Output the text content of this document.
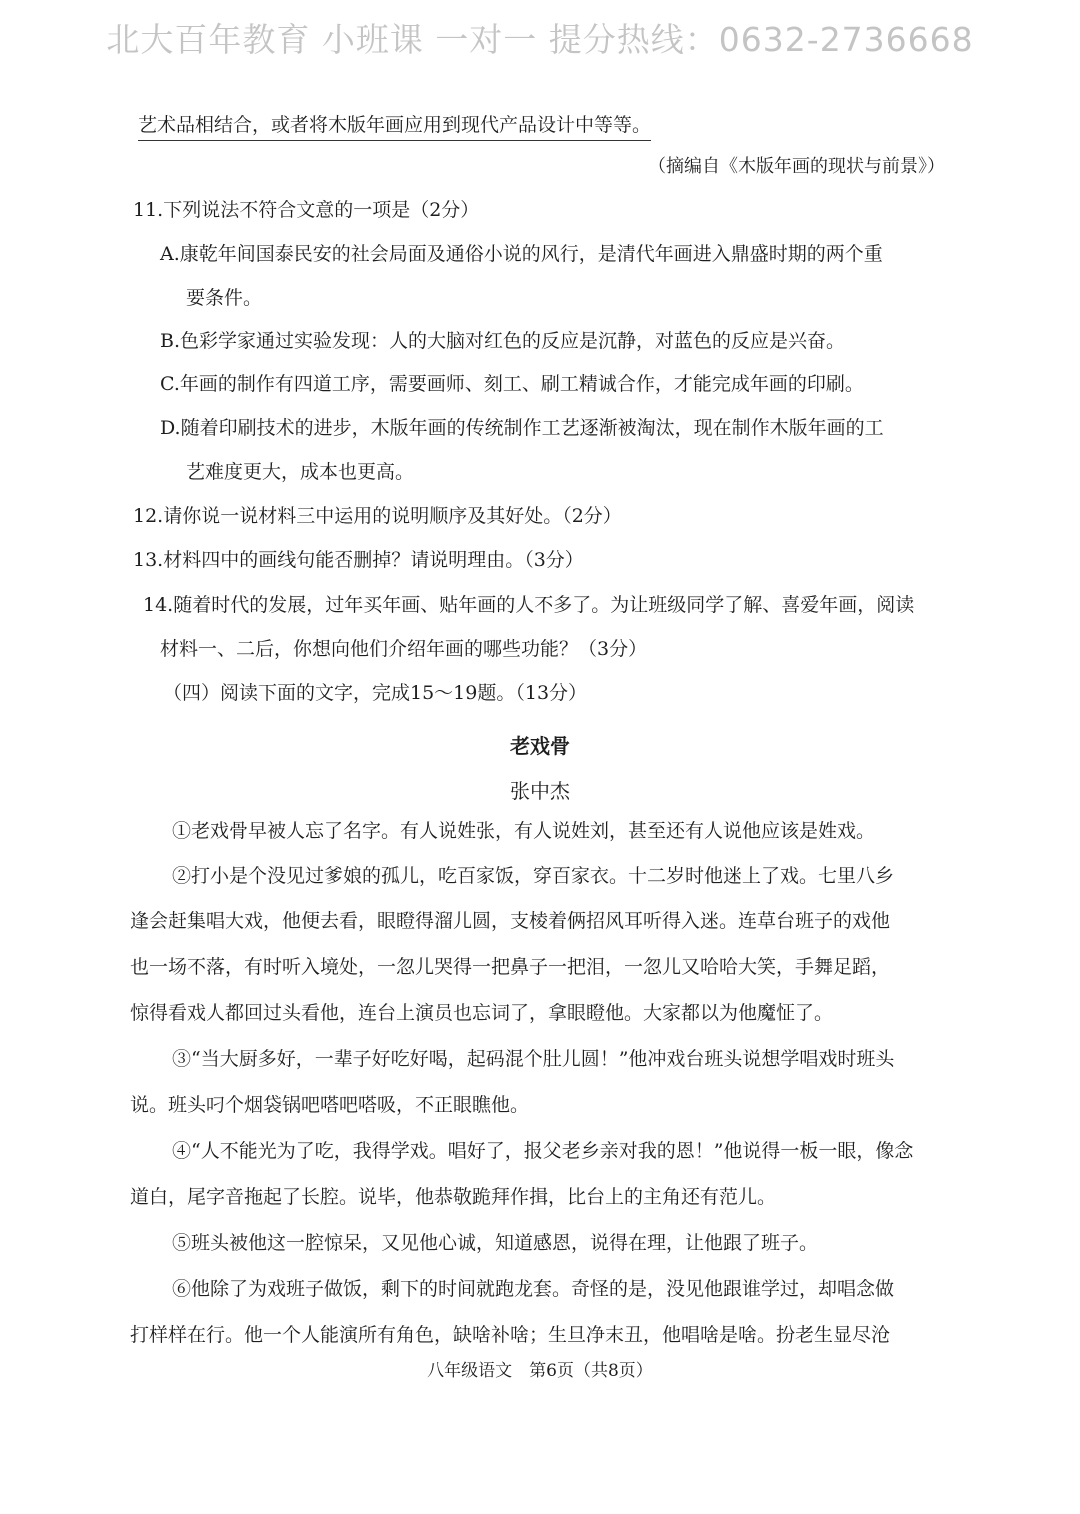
北大百年教育 小班课 一对一 提分热线：0632-2736668
艺术品相结合，或者将木版年画应用到现代产品设计中等等。
（摘编自《木版年画的现状与前景》）
11.下列说法不符合文意的一项是（2分）
A.康乾年间国泰民安的社会局面及通俗小说的风行，是清代年画进入鼎盛时期的两个重
要条件。
B.色彩学家通过实验发现：人的大脑对红色的反应是沉静，对蓝色的反应是兴奋。
C.年画的制作有四道工序，需要画师、刻工、刷工精诚合作，才能完成年画的印刷。
D.随着印刷技术的进步，木版年画的传统制作工艺逐渐被淘汰，现在制作木版年画的工
艺难度更大，成本也更高。
12.请你说一说材料三中运用的说明顺序及其好处。（2分）
13.材料四中的画线句能否删掉？请说明理由。（3分）
14.随着时代的发展，过年买年画、贴年画的人不多了。为让班级同学了解、喜爱年画，阅读
材料一、二后，你想向他们介绍年画的哪些功能？（3分）
（四）阅读下面的文字，完成15～19题。（13分）
老戏骨
张中杰
①老戏骨早被人忘了名字。有人说姓张，有人说姓刘，甚至还有人说他应该是姓戏。
②打小是个没见过爹娘的孤儿，吃百家饭，穿百家衣。十二岁时他迷上了戏。七里八乡
逢会赶集唱大戏，他便去看，眼瞪得溜儿圆，支棱着俩招风耳听得入迷。连草台班子的戏他
也一场不落，有时听入境处，一忽儿哭得一把鼻子一把泪，一忽儿又哈哈大笑，手舞足蹈，
惊得看戏人都回过头看他，连台上演员也忘词了，拿眼瞪他。大家都以为他魔怔了。
③“当大厨多好，一辈子好吃好喝，起码混个肚儿圆！”他冲戏台班头说想学唱戏时班头
说。班头叼个烟袋锅吧嗒吧嗒吸，不正眼瞧他。
④“人不能光为了吃，我得学戏。唱好了，报父老乡亲对我的恩！”他说得一板一眼，像念
道白，尾字音拖起了长腔。说毕，他恭敬跪拜作揖，比台上的主角还有范儿。
⑤班头被他这一腔惊呆，又见他心诚，知道感恩，说得在理，让他跟了班子。
⑥他除了为戏班子做饭，剩下的时间就跑龙套。奇怪的是，没见他跟谁学过，却唱念做
打样样在行。他一个人能演所有角色，缺啥补啥；生旦净末丑，他唱啥是啥。扮老生显尽沧
八年级语文　第6页（共8页）
